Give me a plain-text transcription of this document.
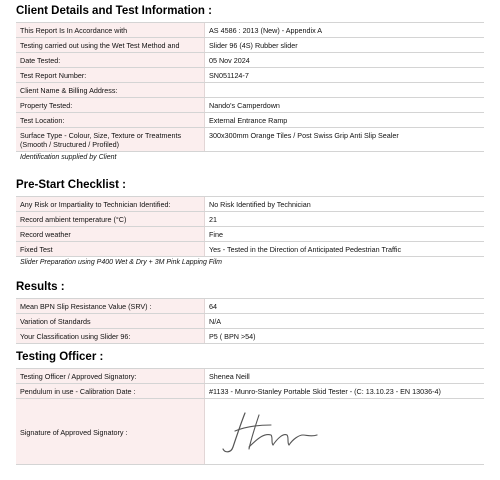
Client Details and Test Information :
This Report Is In Accordance with	AS 4586 : 2013 (New) - Appendix A
Testing carried out using the Wet Test Method and	Slider 96 (4S) Rubber slider
Date Tested:	05 Nov 2024
Test Report Number:	SN051124-7
Client Name & Billing Address:	
Property Tested:	Nando's Camperdown
Test Location:	External Entrance Ramp
Surface Type - Colour, Size, Texture or Treatments (Smooth / Structured / Profiled)	300x300mm Orange Tiles / Post Swiss Grip Anti Slip Sealer
Identification supplied by Client
Pre-Start Checklist :
Any Risk or Impartiality to Technician Identified:	No Risk Identified by Technician
Record ambient temperature (°C)	21
Record weather	Fine
Fixed Test	Yes - Tested in the Direction of Anticipated Pedestrian Traffic
Slider Preparation using P400 Wet & Dry + 3M Pink Lapping Film
Results :
Mean BPN Slip Resistance Value (SRV) :	64
Variation of Standards	N/A
Your Classification using Slider 96:	P5 ( BPN >54)
Testing Officer :
Testing Officer / Approved Signatory:	Shenea Neill
Pendulum in use - Calibration Date :	#1133 - Munro-Stanley Portable Skid Tester - (C: 13.10.23 - EN 13036-4)
Signature of Approved Signatory :	
